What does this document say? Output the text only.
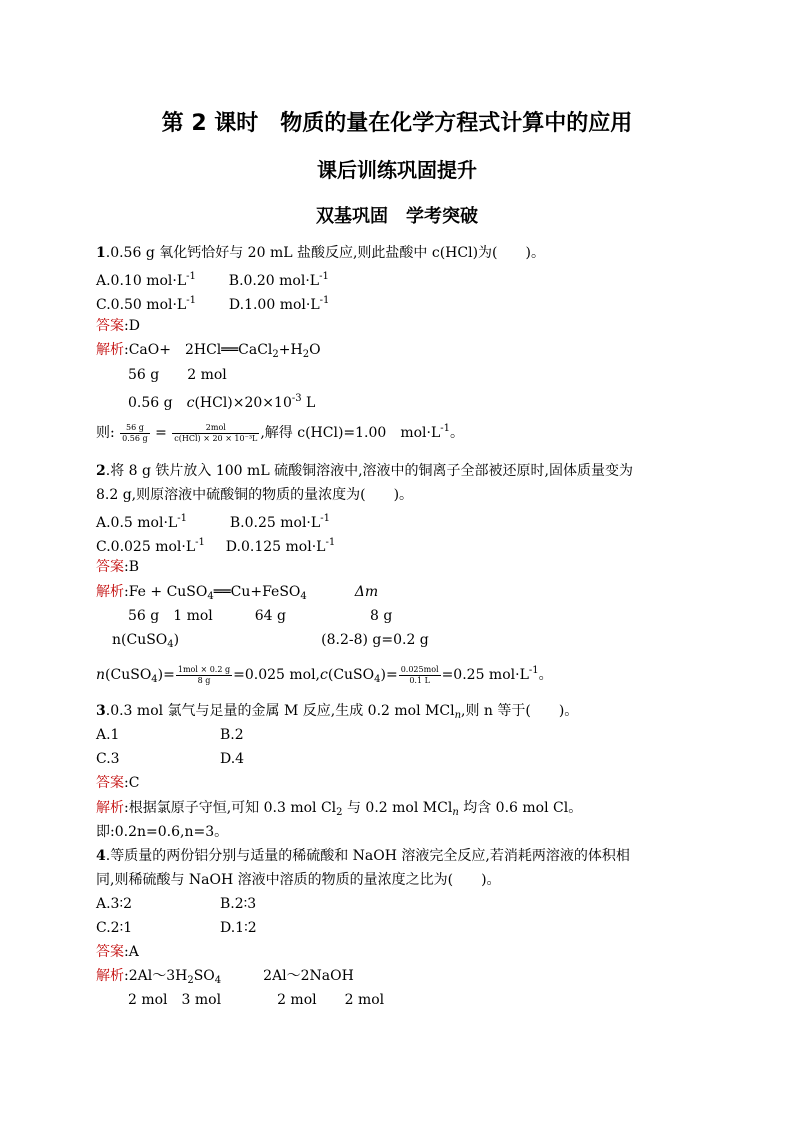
第 2 课时　物质的量在化学方程式计算中的应用
课后训练巩固提升
双基巩固　学考突破
1.0.56 g 氧化钙恰好与 20 mL 盐酸反应,则此盐酸中 c(HCl)为(　　)。
A.0.10 $mol\cdot L^{-1}$ B.0.20 $mol\cdot L^{-1}$
C.0.50 $mol\cdot L^{-1}$ D.1.00 $mol\cdot L^{-1}$
答案:D
解析:CaO+　$2HCl══CaCl_2+H_2O$
56 g　　2 mol
0.56 g　$c(HCl)\times 20\times 10^{-3}$ L
则: $\frac{56 g}{0.56 g} = \frac{\text{2mol}}{\text{c(HCl) × 20 × 10⁻³L}}$ ,解得 c(HCl)=1.00　$mol\cdot L^{-1}$。
2.将 8 g 铁片放入 100 mL 硫酸铜溶液中,溶液中的铜离子全部被还原时,固体质量变为
8.2 g,则原溶液中硫酸铜的物质的量浓度为(　　)。
A.0.5 $mol\cdot L^{-1}$	B.0.25 $mol\cdot L^{-1}$
C.0.025 $mol\cdot L^{-1}$ D.0.125 $mol\cdot L^{-1}$
答案:B
解析:Fe + CuSO$_4$══Cu+FeSO$_4$	Δm
56 g　1 mol　　　64 g　　　　　　8 g
n(CuSO$_4$)	(8.2-8) g=0.2 g
n(CuSO$_4$)= $\frac{\text{1mol × 0.2 g}}{8 g} =0.025$ mol,c(CuSO$_4$)= $\frac{\text{0.025mol}}{0.1 L} =0.25$ $mol\cdot L^{-1}$。
3.0.3 mol 氯气与足量的金属 M 反应,生成 0.2 mol MCl$_n$,则 n 等于(　　)。
A.1	B.2
C.3	D.4
答案:C
解析:根据氯原子守恒,可知 0.3 mol $Cl_2$ 与 0.2 mol MCl$_n$ 均含 0.6 mol Cl。
即:0.2n=0.6,n=3。
4.等质量的两份铝分别与适量的稀硫酸和 NaOH 溶液完全反应,若消耗两溶液的体积相
同,则稀硫酸与 NaOH 溶液中溶质的物质的量浓度之比为(　　)。
A.3∶2	B.2∶3
C.2∶1	D.1∶2
答案:A
解析$:2Al\sim 3H_2SO_4$　　　2Al～2NaOH
2 mol　3 mol　　　　2 mol　　2 mol
